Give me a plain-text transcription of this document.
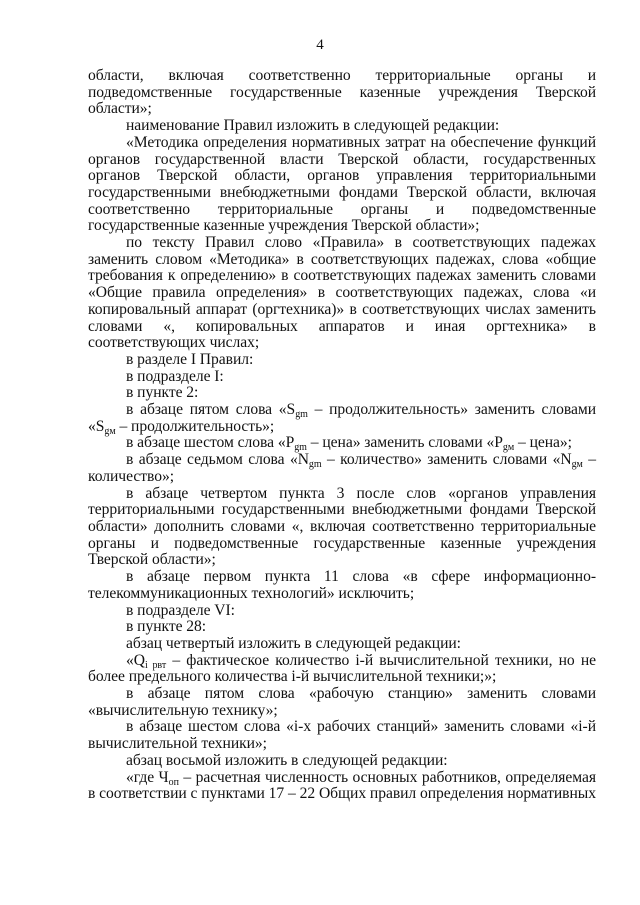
4

области, включая соответственно территориальные органы и подведомственные государственные казенные учреждения Тверской области»;

наименование Правил изложить в следующей редакции:

«Методика определения нормативных затрат на обеспечение функций органов государственной власти Тверской области, государственных органов Тверской области, органов управления территориальными государственными внебюджетными фондами Тверской области, включая соответственно территориальные органы и подведомственные государственные казенные учреждения Тверской области»;

по тексту Правил слово «Правила» в соответствующих падежах заменить словом «Методика» в соответствующих падежах, слова «общие требования к определению» в соответствующих падежах заменить словами «Общие правила определения» в соответствующих падежах, слова «и копировальный аппарат (оргтехника)» в соответствующих числах заменить словами «, копировальных аппаратов и иная оргтехника» в соответствующих числах;

в разделе I Правил:

в подразделе I:

в пункте 2:

в абзаце пятом слова «Sgm – продолжительность» заменить словами «Sgм – продолжительность»;

в абзаце шестом слова «Pgm – цена» заменить словами «Pgм – цена»;

в абзаце седьмом слова «Ngm – количество» заменить словами «Ngм – количество»;

в абзаце четвертом пункта 3 после слов «органов управления территориальными государственными внебюджетными фондами Тверской области» дополнить словами «, включая соответственно территориальные органы и подведомственные государственные казенные учреждения Тверской области»;

в абзаце первом пункта 11 слова «в сфере информационно-телекоммуникационных технологий» исключить;

в подразделе VI:

в пункте 28:

абзац четвертый изложить в следующей редакции:

«Qi рвт – фактическое количество i-й вычислительной техники, но не более предельного количества i-й вычислительной техники;»;

в абзаце пятом слова «рабочую станцию» заменить словами «вычислительную технику»;

в абзаце шестом слова «i-х рабочих станций» заменить словами «i-й вычислительной техники»;

абзац восьмой изложить в следующей редакции:

«где Чоп – расчетная численность основных работников, определяемая в соответствии с пунктами 17 – 22 Общих правил определения нормативных
